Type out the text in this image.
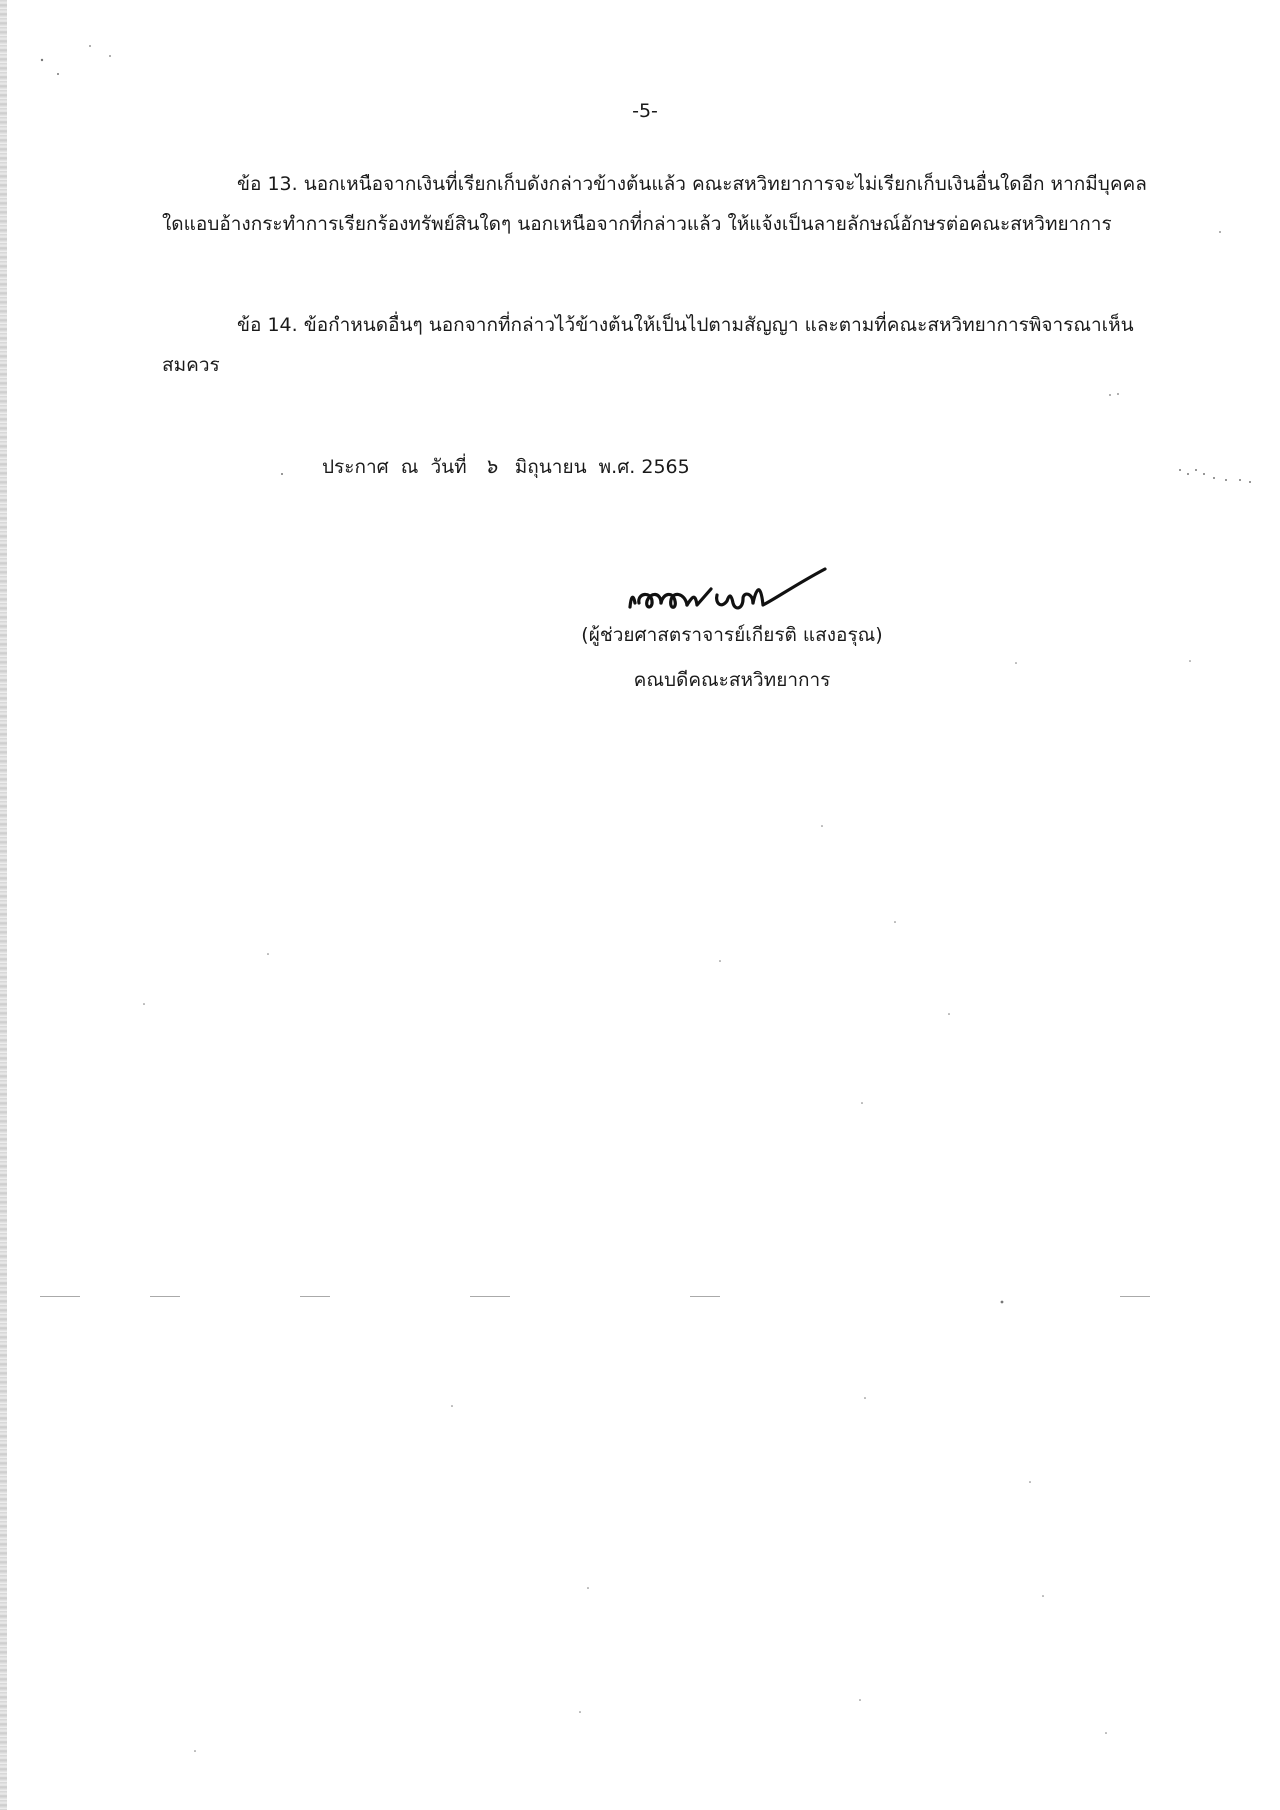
-5-

ข้อ 13. นอกเหนือจากเงินที่เรียกเก็บดังกล่าวข้างต้นแล้ว คณะสหวิทยาการจะไม่เรียกเก็บเงินอื่นใดอีก หากมีบุคคลใดแอบอ้างกระทำการเรียกร้องทรัพย์สินใดๆ นอกเหนือจากที่กล่าวแล้ว ให้แจ้งเป็นลายลักษณ์อักษรต่อคณะสหวิทยาการ

ข้อ 14. ข้อกำหนดอื่นๆ นอกจากที่กล่าวไว้ข้างต้นให้เป็นไปตามสัญญา และตามที่คณะสหวิทยาการพิจารณาเห็นสมควร

ประกาศ  ณ  วันที่ ๖ มิถุนายน  พ.ศ. 2565
(ผู้ช่วยศาสตราจารย์เกียรติ แสงอรุณ)
คณบดีคณะสหวิทยาการ
